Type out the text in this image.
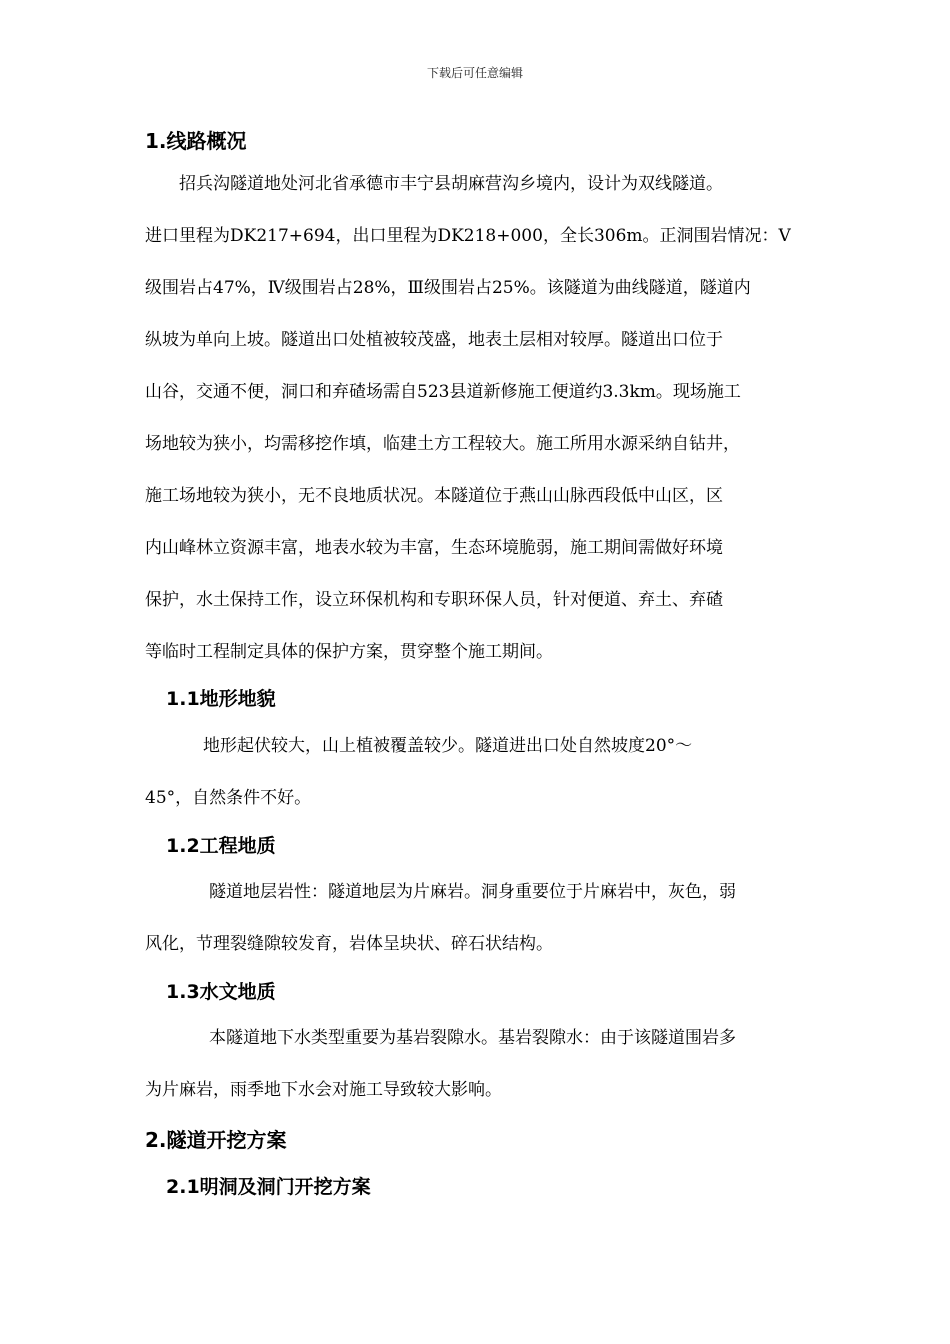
下载后可任意编辑
1.线路概况
招兵沟隧道地处河北省承德市丰宁县胡麻营沟乡境内，设计为双线隧道。
进口里程为DK217+694，出口里程为DK218+000，全长306m。正洞围岩情况：Ⅴ
级围岩占47%，Ⅳ级围岩占28%，Ⅲ级围岩占25%。该隧道为曲线隧道，隧道内
纵坡为单向上坡。隧道出口处植被较茂盛，地表土层相对较厚。隧道出口位于
山谷，交通不便，洞口和弃碴场需自523县道新修施工便道约3.3km。现场施工
场地较为狭小，均需移挖作填，临建土方工程较大。施工所用水源采纳自钻井，
施工场地较为狭小，无不良地质状况。本隧道位于燕山山脉西段低中山区，区
内山峰林立资源丰富，地表水较为丰富，生态环境脆弱，施工期间需做好环境
保护，水土保持工作，设立环保机构和专职环保人员，针对便道、弃土、弃碴
等临时工程制定具体的保护方案，贯穿整个施工期间。
1.1地形地貌
地形起伏较大，山上植被覆盖较少。隧道进出口处自然坡度20°～
45°，自然条件不好。
1.2工程地质
隧道地层岩性：隧道地层为片麻岩。洞身重要位于片麻岩中，灰色，弱
风化，节理裂缝隙较发育，岩体呈块状、碎石状结构。
1.3水文地质
本隧道地下水类型重要为基岩裂隙水。基岩裂隙水：由于该隧道围岩多
为片麻岩，雨季地下水会对施工导致较大影响。
2.隧道开挖方案
2.1明洞及洞门开挖方案
